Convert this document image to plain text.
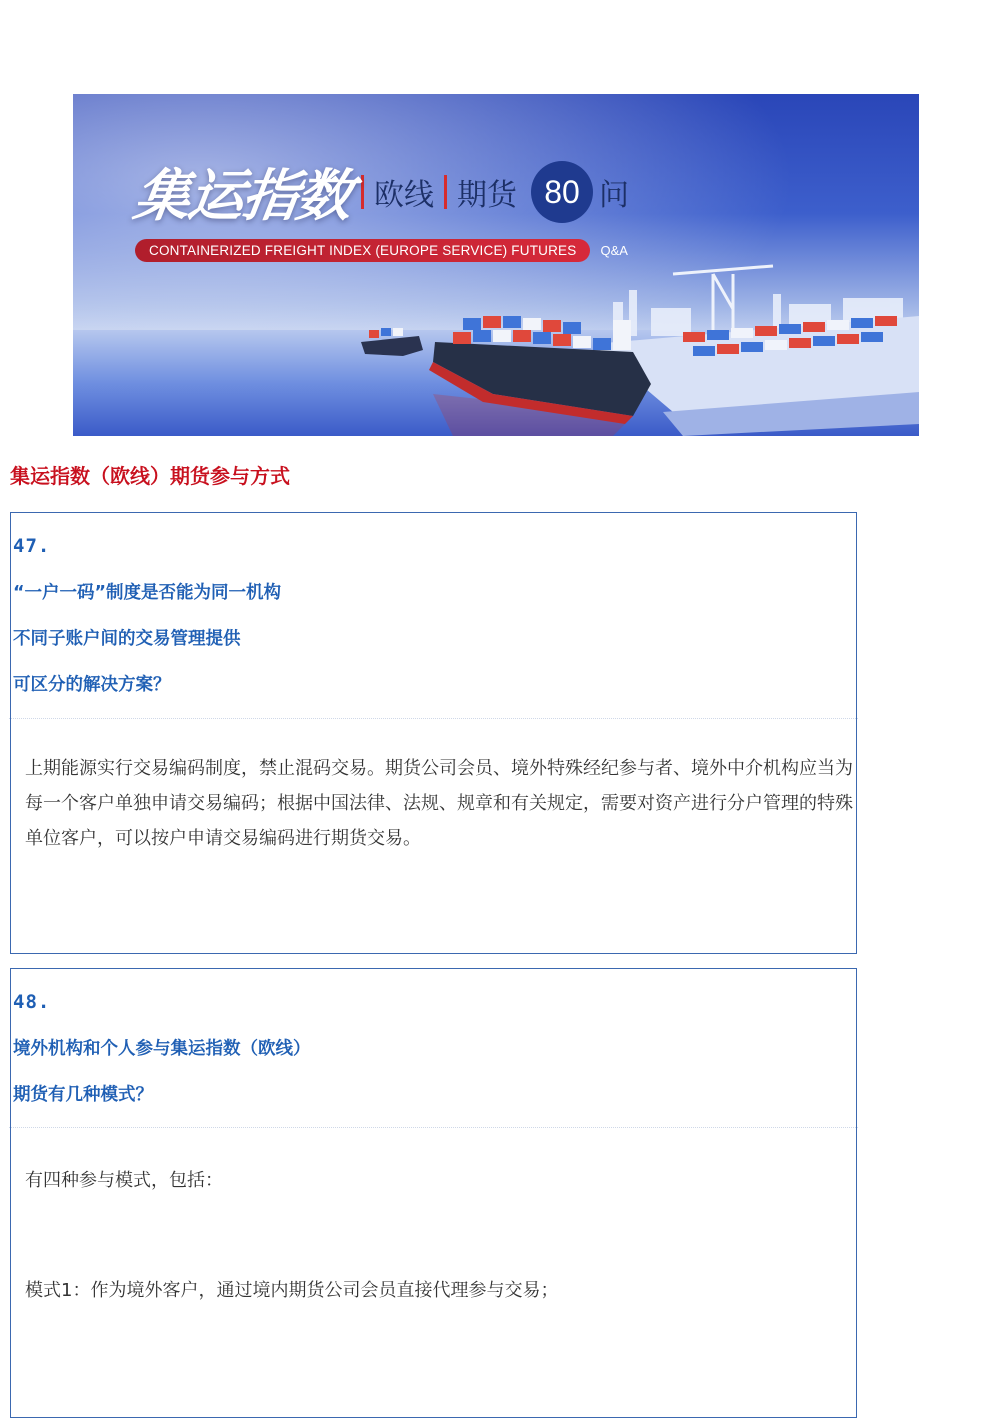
集运指数 欧线 期货 80 问
CONTAINERIZED FREIGHT INDEX (EUROPE SERVICE) FUTURES	Q&A
集运指数（欧线）期货参与方式
47.
“一户一码”制度是否能为同一机构
不同子账户间的交易管理提供
可区分的解决方案？
上期能源实行交易编码制度，禁止混码交易。期货公司会员、境外特殊经纪参与者、境外中介机构应当为每一个客户单独申请交易编码；根据中国法律、法规、规章和有关规定，需要对资产进行分户管理的特殊单位客户，可以按户申请交易编码进行期货交易。
48.
境外机构和个人参与集运指数（欧线）
期货有几种模式？
有四种参与模式，包括：
模式1：作为境外客户，通过境内期货公司会员直接代理参与交易；
